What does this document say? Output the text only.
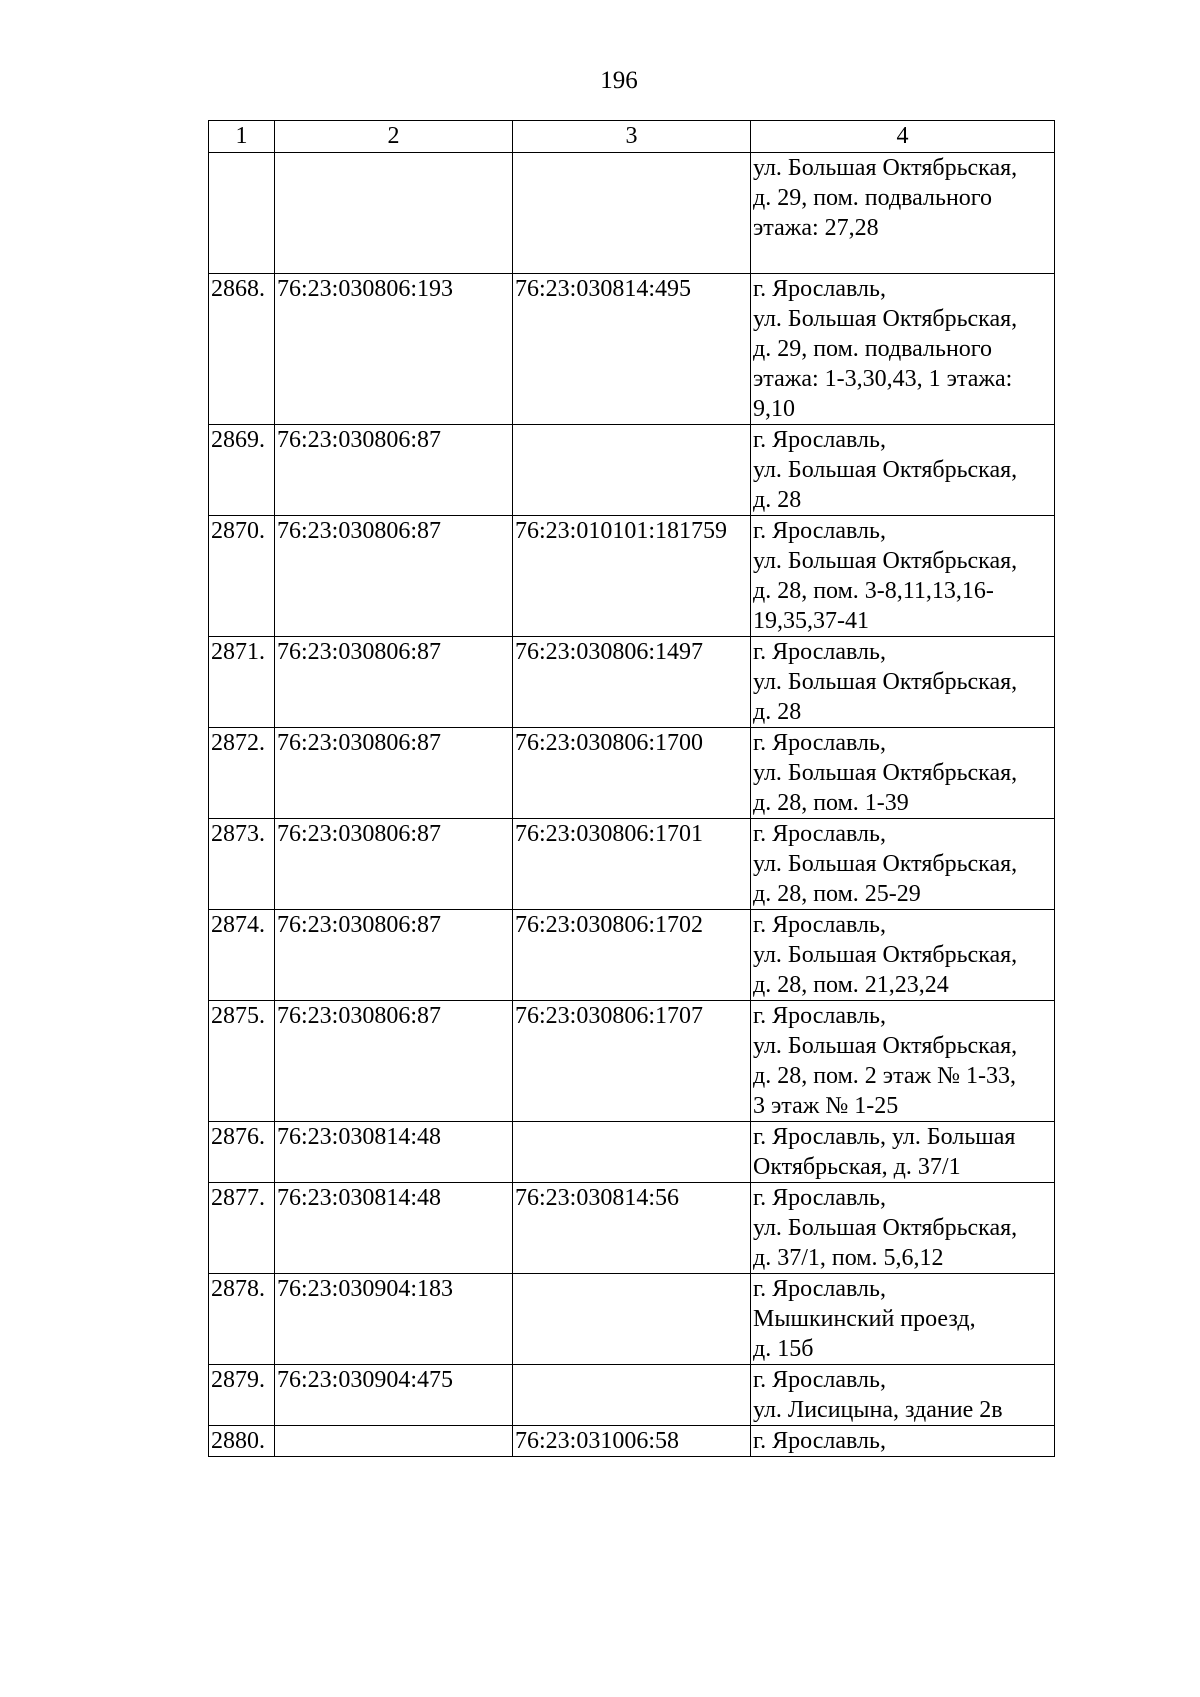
196
1	2	3	4
			ул. Большая Октябрьская,
д. 29, пом. подвального
этажа: 27,28
2868.	76:23:030806:193	76:23:030814:495	г. Ярославль,
ул. Большая Октябрьская,
д. 29, пом. подвального
этажа: 1-3,30,43, 1 этажа:
9,10
2869.	76:23:030806:87		г. Ярославль,
ул. Большая Октябрьская,
д. 28
2870.	76:23:030806:87	76:23:010101:181759	г. Ярославль,
ул. Большая Октябрьская,
д. 28, пом. 3-8,11,13,16-
19,35,37-41
2871.	76:23:030806:87	76:23:030806:1497	г. Ярославль,
ул. Большая Октябрьская,
д. 28
2872.	76:23:030806:87	76:23:030806:1700	г. Ярославль,
ул. Большая Октябрьская,
д. 28, пом. 1-39
2873.	76:23:030806:87	76:23:030806:1701	г. Ярославль,
ул. Большая Октябрьская,
д. 28, пом. 25-29
2874.	76:23:030806:87	76:23:030806:1702	г. Ярославль,
ул. Большая Октябрьская,
д. 28, пом. 21,23,24
2875.	76:23:030806:87	76:23:030806:1707	г. Ярославль,
ул. Большая Октябрьская,
д. 28, пом. 2 этаж № 1-33,
3 этаж № 1-25
2876.	76:23:030814:48		г. Ярославль, ул. Большая
Октябрьская, д. 37/1
2877.	76:23:030814:48	76:23:030814:56	г. Ярославль,
ул. Большая Октябрьская,
д. 37/1, пом. 5,6,12
2878.	76:23:030904:183		г. Ярославль,
Мышкинский проезд,
д. 15б
2879.	76:23:030904:475		г. Ярославль,
ул. Лисицына, здание 2в
2880.		76:23:031006:58	г. Ярославль,
